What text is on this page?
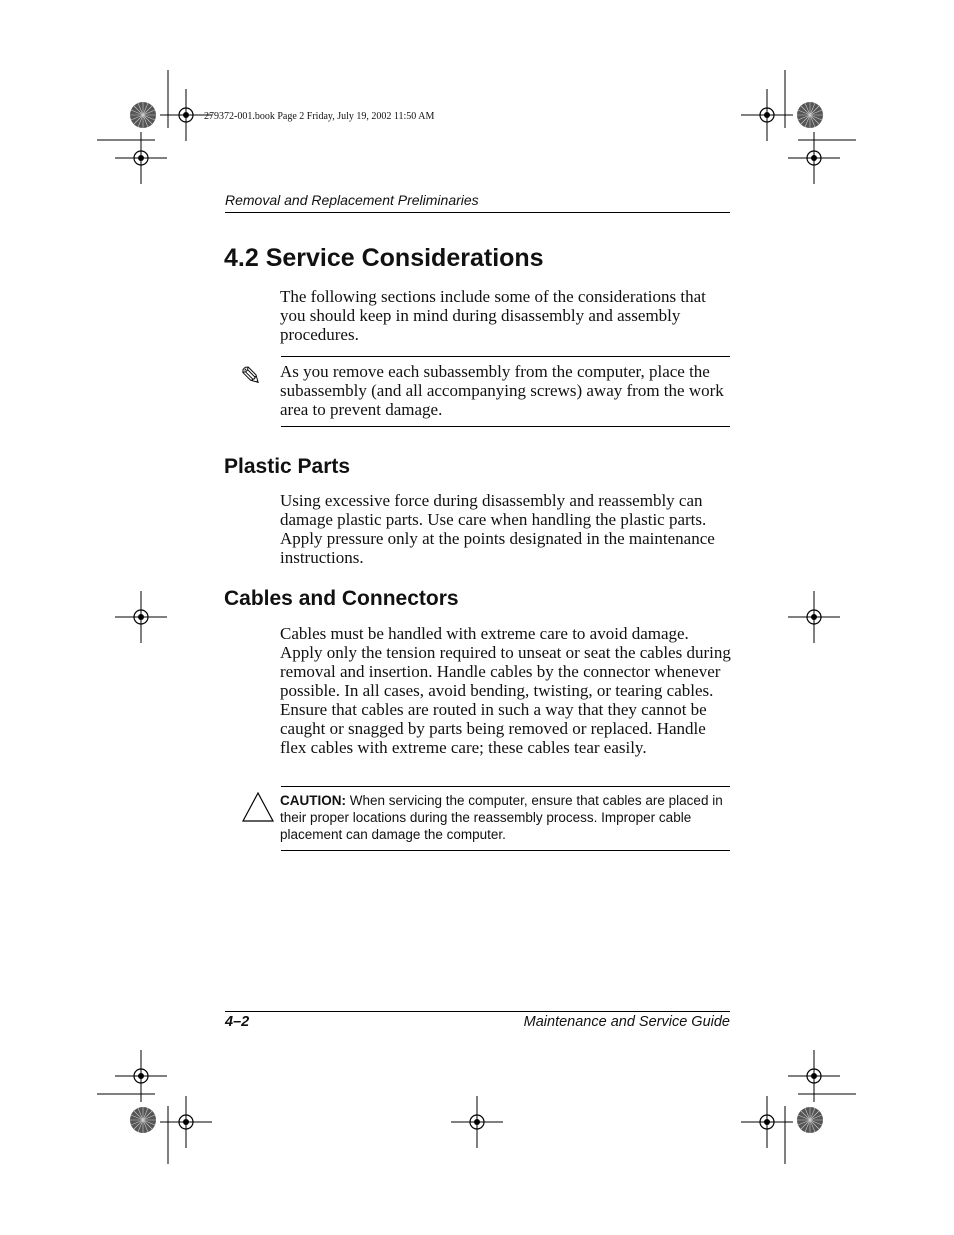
279372-001.book Page 2 Friday, July 19, 2002 11:50 AM
Removal and Replacement Preliminaries
4.2 Service Considerations
The following sections include some of the considerations that you should keep in mind during disassembly and assembly procedures.
✎ As you remove each subassembly from the computer, place the subassembly (and all accompanying screws) away from the work area to prevent damage.
Plastic Parts
Using excessive force during disassembly and reassembly can damage plastic parts. Use care when handling the plastic parts. Apply pressure only at the points designated in the maintenance instructions.
Cables and Connectors
Cables must be handled with extreme care to avoid damage. Apply only the tension required to unseat or seat the cables during removal and insertion. Handle cables by the connector whenever possible. In all cases, avoid bending, twisting, or tearing cables. Ensure that cables are routed in such a way that they cannot be caught or snagged by parts being removed or replaced. Handle flex cables with extreme care; these cables tear easily.
CAUTION: When servicing the computer, ensure that cables are placed in their proper locations during the reassembly process. Improper cable placement can damage the computer.
4–2	Maintenance and Service Guide
